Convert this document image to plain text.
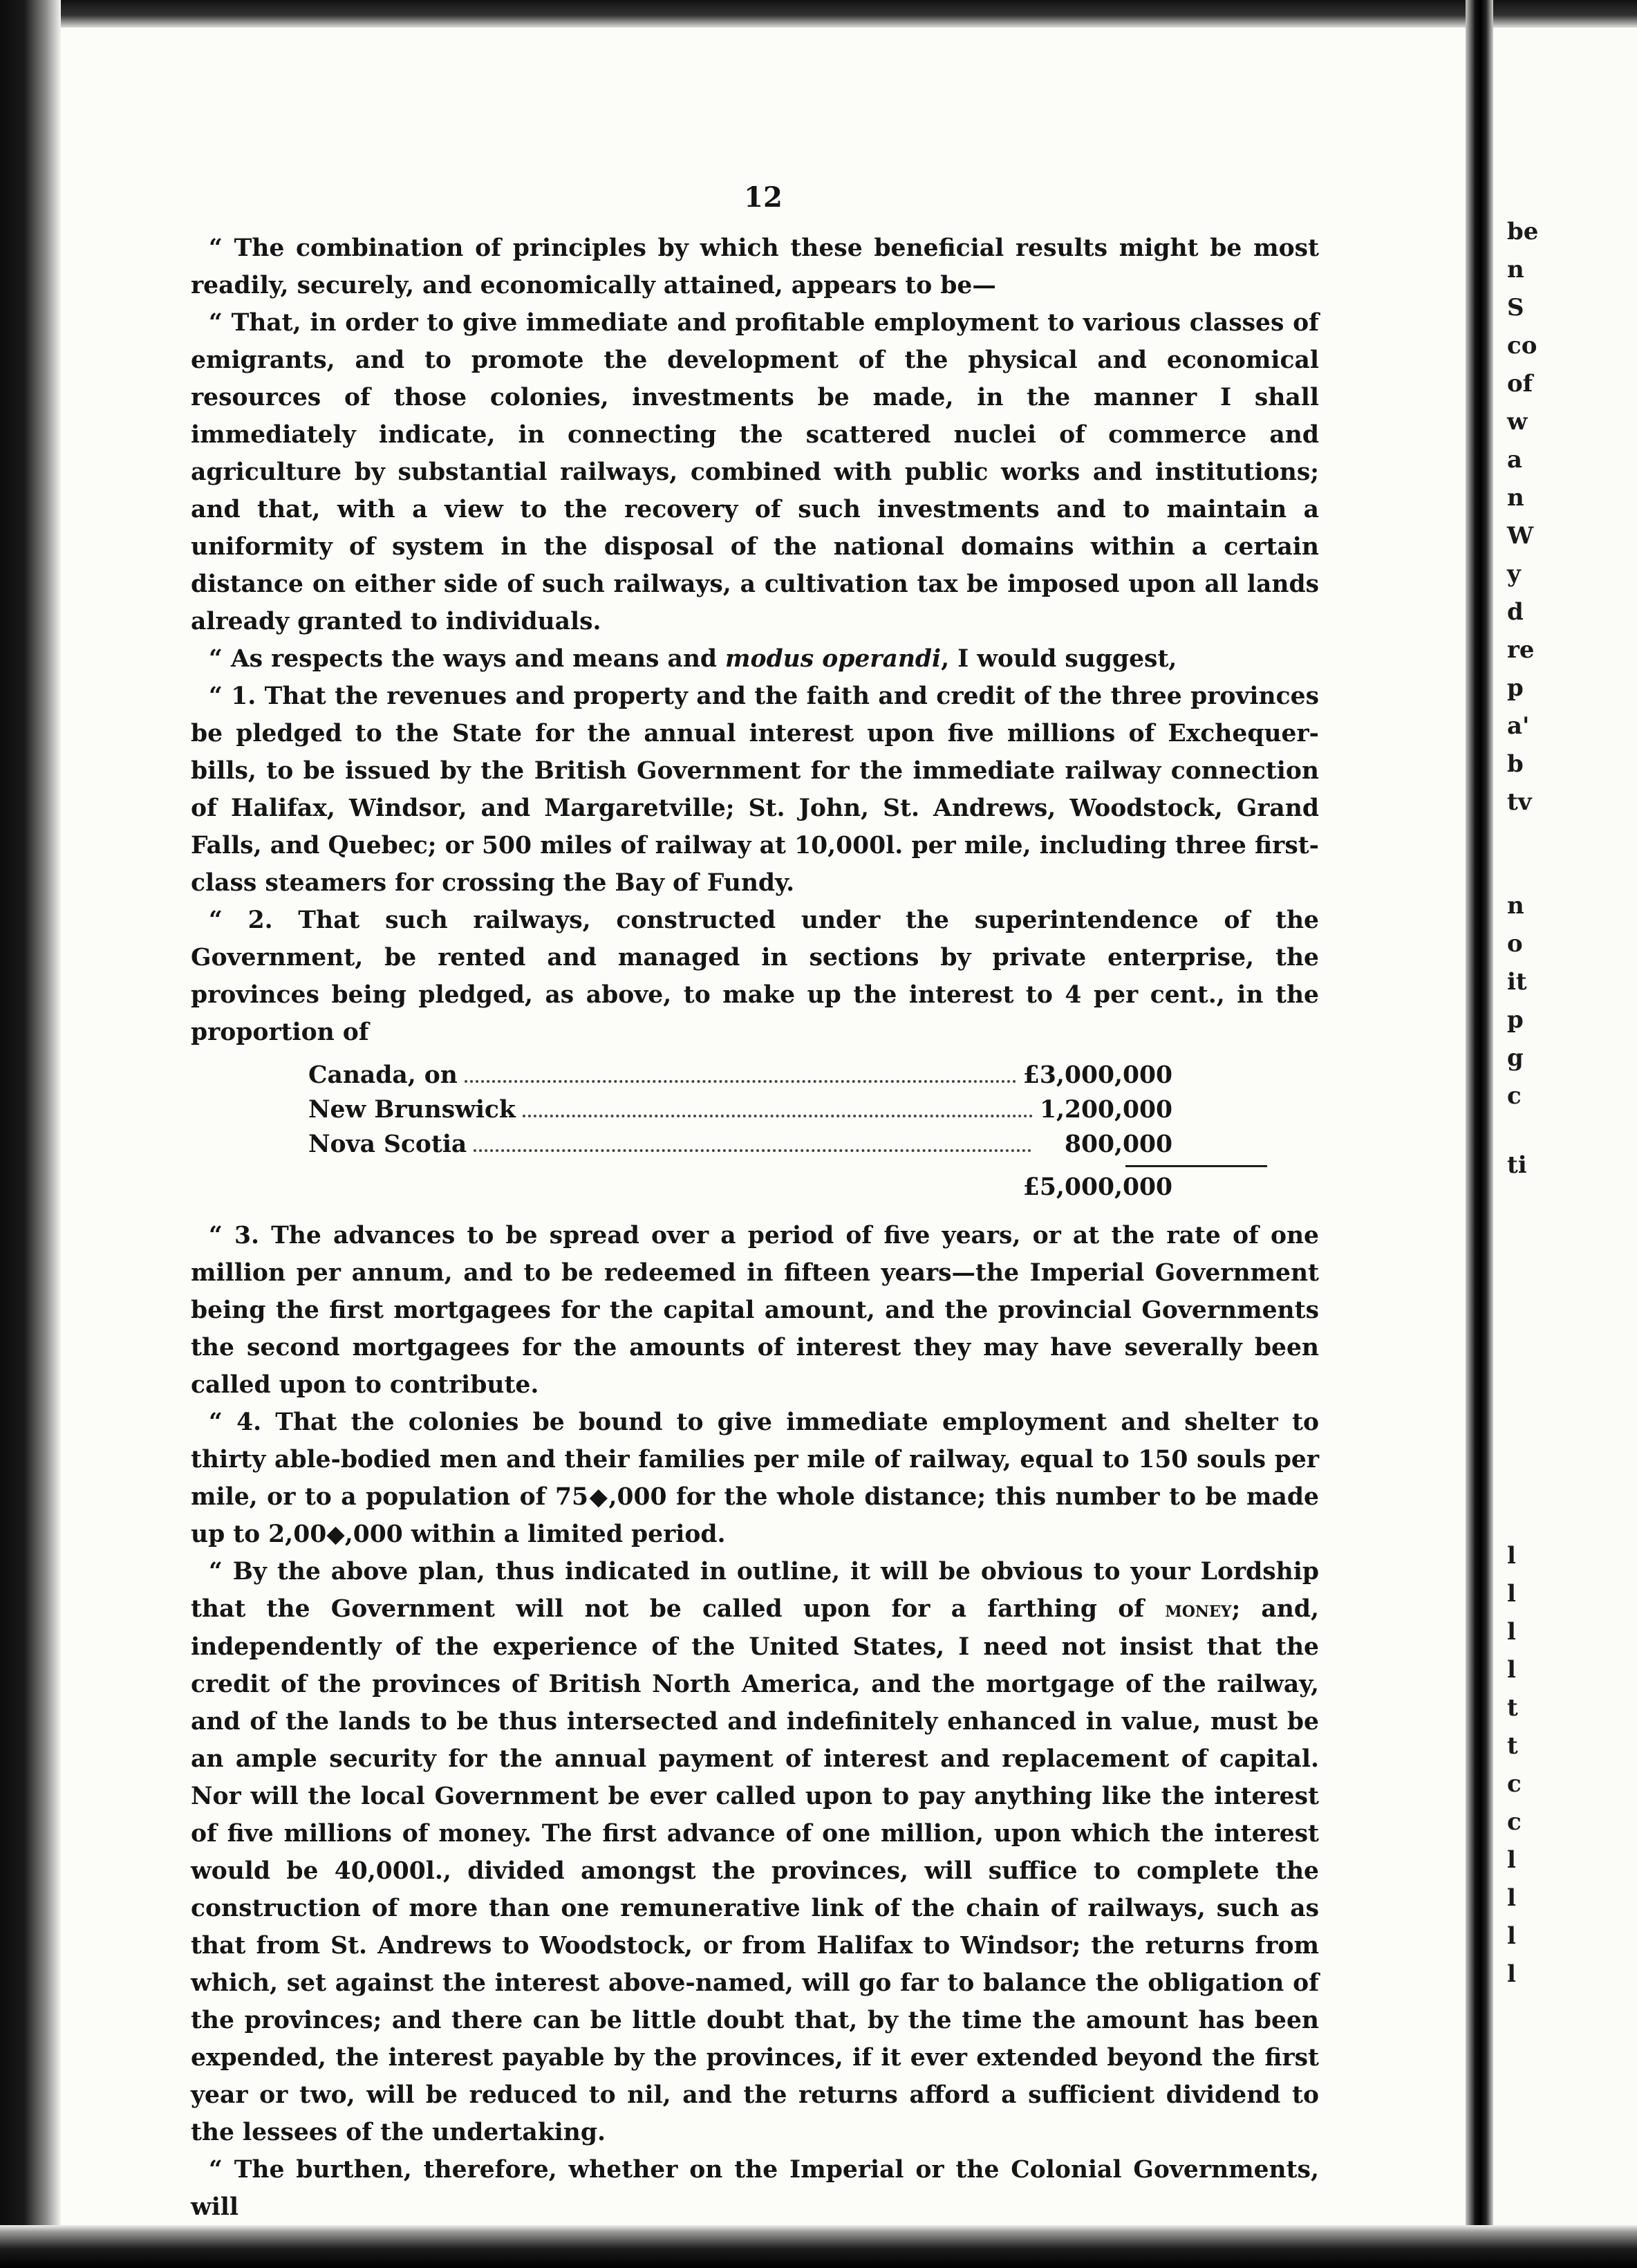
12

“ The combination of principles by which these beneficial results might be most readily, securely, and economically attained, appears to be—

“ That, in order to give immediate and profitable employment to various classes of emigrants, and to promote the development of the physical and economical resources of those colonies, investments be made, in the manner I shall immediately indicate, in connecting the scattered nuclei of commerce and agriculture by substantial railways, combined with public works and institutions; and that, with a view to the recovery of such investments and to maintain a uniformity of system in the disposal of the national domains within a certain distance on either side of such railways, a cultivation tax be imposed upon all lands already granted to individuals.

“ As respects the ways and means and modus operandi, I would suggest,

“ 1. That the revenues and property and the faith and credit of the three provinces be pledged to the State for the annual interest upon five millions of Exchequer-bills, to be issued by the British Government for the immediate railway connection of Halifax, Windsor, and Margaretville; St. John, St. Andrews, Woodstock, Grand Falls, and Quebec; or 500 miles of railway at 10,000l. per mile, including three first-class steamers for crossing the Bay of Fundy.

“ 2. That such railways, constructed under the superintendence of the Government, be rented and managed in sections by private enterprise, the provinces being pledged, as above, to make up the interest to 4 per cent., in the proportion of

Canada, on	£3,000,000
New Brunswick	1,200,000
Nova Scotia	800,000
£5,000,000

“ 3. The advances to be spread over a period of five years, or at the rate of one million per annum, and to be redeemed in fifteen years—the Imperial Government being the first mortgagees for the capital amount, and the provincial Governments the second mortgagees for the amounts of interest they may have severally been called upon to contribute.

“ 4. That the colonies be bound to give immediate employment and shelter to thirty able-bodied men and their families per mile of railway, equal to 150 souls per mile, or to a population of 75◆,000 for the whole distance; this number to be made up to 2,00◆,000 within a limited period.

“ By the above plan, thus indicated in outline, it will be obvious to your Lordship that the Government will not be called upon for a farthing of money; and, independently of the experience of the United States, I need not insist that the credit of the provinces of British North America, and the mortgage of the railway, and of the lands to be thus intersected and indefinitely enhanced in value, must be an ample security for the annual payment of interest and replacement of capital. Nor will the local Government be ever called upon to pay anything like the interest of five millions of money. The first advance of one million, upon which the interest would be 40,000l., divided amongst the provinces, will suffice to complete the construction of more than one remunerative link of the chain of railways, such as that from St. Andrews to Woodstock, or from Halifax to Windsor; the returns from which, set against the interest above-named, will go far to balance the obligation of the provinces; and there can be little doubt that, by the time the amount has been expended, the interest payable by the provinces, if it ever extended beyond the first year or two, will be reduced to nil, and the returns afford a sufficient dividend to the lessees of the undertaking.

“ The burthen, therefore, whether on the Imperial or the Colonial Governments, will

be
n
S
co
of
w
a
n
W
y
d
re
p
a'
b
tv
n
o
it
p
g
c
ti
l
l
l
l
t
t
c
c
l
l
l
l
